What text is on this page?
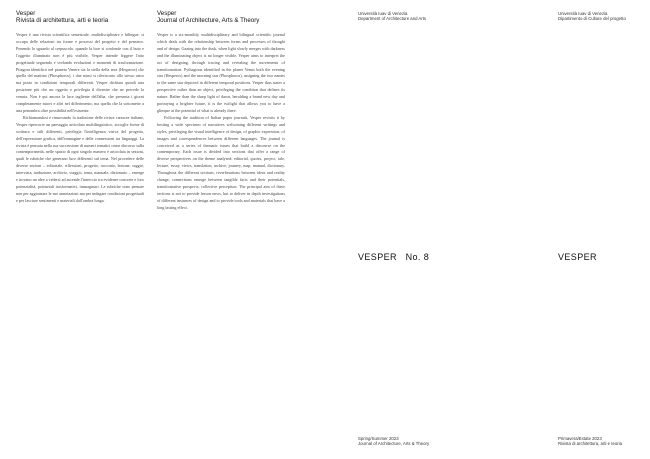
Vesper
Rivista di architettura, arti e teoria
Vesper
Journal of Architecture, Arts & Theory

Vesper è una rivista scientifica semestrale, multidisciplinare e bilingue, si occupa delle relazioni tra forme e processi del progetto e del pensiero. Ponendo lo sguardo al crepuscolo, quando la luce si confonde con il buio e l'oggetto illuminato non è più visibile, Vesper intende leggere l'atto progettuale seguendo e svelando evoluzioni e momenti di trasformazione. Pitagora identificò nel pianeta Venere sia la stella della sera (Hesperos) che quella del mattino (Phosphoros), i due nomi si riferiscono allo stesso astro ma posto in condizioni temporali differenti. Vesper dichiara quindi una posizione più che un oggetto e privilegia il divenire che ne precede la venuta. Non è qui ancora la luce tagliente dell'alba, che presenta i giorni completamente nuovi e altri nel differimento, ma quella che la sottomette a una penombra oltre possibilità nell'esistente.

Richiamandosi e rinnovando la tradizione delle riviste cartacee italiane, Vesper ripercorre un paesaggio articolato multilinguistico, accoglie forme di scrittura e stili differenti, privilegia l'intelligenza visiva del progetto, dell'espressione grafica, dell'immagine e delle connessioni tra linguaggi. La rivista è pensata nella sua successione di numeri tematici come discorso sulla contemporaneità, nelle spazio di ogni singolo numero è articolata in sezioni, quali le rubriche che generano luce differenti sul tema. Nel procedere delle diverse sezioni – editoriale, riflessioni, progetto, racconto, lezione, saggio, intervista, traduzione, archivio, viaggio, tema, manuale, dizionario – emerge e trovano un idee a vedersi ad ascende l'intreccio tra evidenze concrete e loro potenzialità, potenziali trasformativi, immaginari. Le rubriche sono pensate non per aggiornare le sue annotazioni ma per indagare condizioni progettuali e per lasciare sentimenti e materiali dall'ombra lunga.

Vesper is a six-monthly, multidisciplinary and bilingual scientific journal which deals with the relationship between forms and processes of thought and of design. Gazing into the dusk, when light slowly merges with darkness and the illuminating object is no longer visible, Vesper aims to interpret the act of designing, through tracing and revealing the movements of transformation. Pythagoras identified in the planet Venus both the evening star (Hesperos) and the morning star (Phosphoros), assigning the two names to the same star depicted in different temporal positions. Vesper thus states a perspective rather than an object, privileging the condition that defines its nature. Rather than the sharp light of dawn, heralding a brand new day and portraying a brighter future, it is the twilight that allows you to have a glimpse at the potential of what is already there.

Following the tradition of Italian paper journals, Vesper revisits it by hosting a wide spectrum of narratives welcoming different writings and styles, privileging the visual intelligence of design, of graphic expression, of images and correspondences between different languages. The journal is conceived as a series of thematic issues that build a discourse on the contemporary. Each issue is divided into sections that offer a range of diverse perspectives on the theme analysed: editorial, quotes, project, tale, lecture, essay, views, translation, archive, journey, map, manual, dictionary. Throughout the different sections, reverberations between ideas and reality change, connections emerge between tangible facts and their potentials, transformative prospects, collective perception. The principal aim of these sections is not to provide lesson news, but to deliver in depth investigations of different instances of design and to provide tools and materials that have a long lasting effect.

Università Iuav di Venezia
Department of Architecture and Arts
Università Iuav di Venezia
Dipartimento di Culture del progetto
VESPER   No. 8	VESPER
Spring/Summer 2023
Journal of Architecture, Arts & Theory
Primavera/Estate 2023
Rivista di architettura, arti e teoria
